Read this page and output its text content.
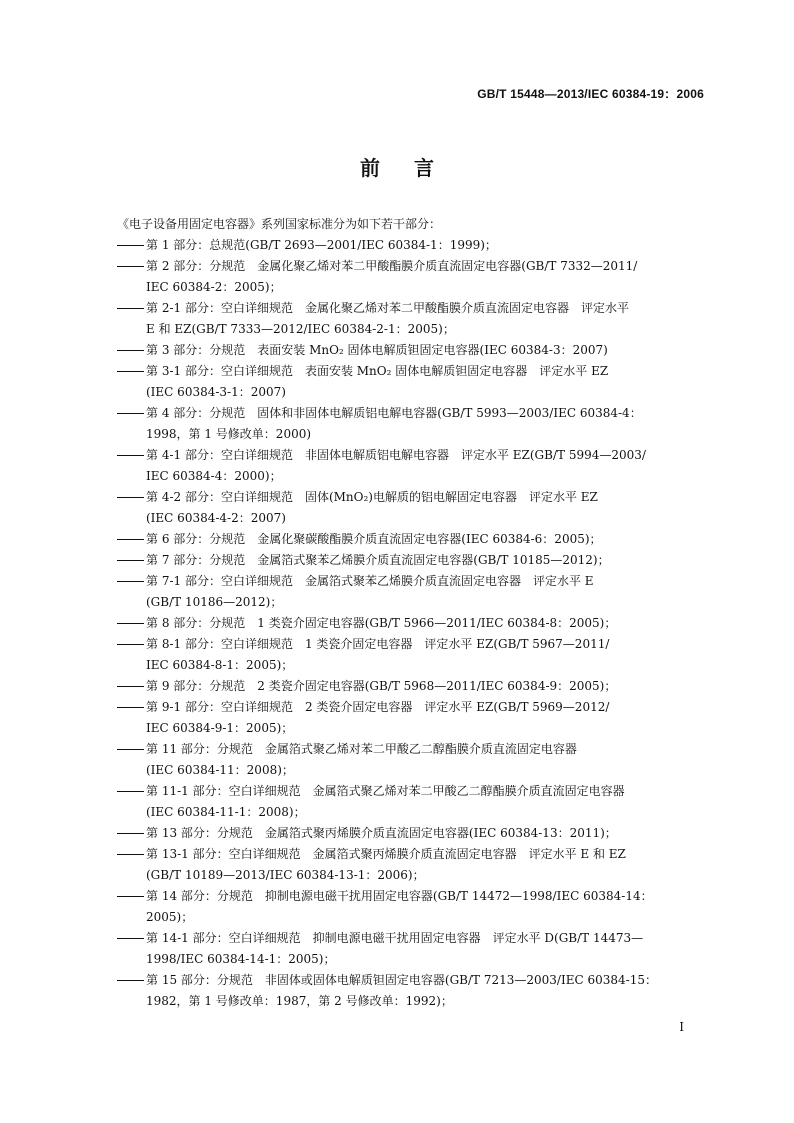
GB/T 15448—2013/IEC 60384-19：2006
前言
《电子设备用固定电容器》系列国家标准分为如下若干部分：
第 1 部分：总规范(GB/T 2693—2001/IEC 60384-1：1999)；
第 2 部分：分规范　金属化聚乙烯对苯二甲酸酯膜介质直流固定电容器(GB/T 7332—2011/
IEC 60384-2：2005)；
第 2-1 部分：空白详细规范　金属化聚乙烯对苯二甲酸酯膜介质直流固定电容器　评定水平
E 和 EZ(GB/T 7333—2012/IEC 60384-2-1：2005)；
第 3 部分：分规范　表面安装 MnO₂ 固体电解质钽固定电容器(IEC 60384-3：2007)
第 3-1 部分：空白详细规范　表面安装 MnO₂ 固体电解质钽固定电容器　评定水平 EZ
(IEC 60384-3-1：2007)
第 4 部分：分规范　固体和非固体电解质铝电解电容器(GB/T 5993—2003/IEC 60384-4：
1998，第 1 号修改单：2000)
第 4-1 部分：空白详细规范　非固体电解质铝电解电容器　评定水平 EZ(GB/T 5994—2003/
IEC 60384-4：2000)；
第 4-2 部分：空白详细规范　固体(MnO₂)电解质的铝电解固定电容器　评定水平 EZ
(IEC 60384-4-2：2007)
第 6 部分：分规范　金属化聚碳酸酯膜介质直流固定电容器(IEC 60384-6：2005)；
第 7 部分：分规范　金属箔式聚苯乙烯膜介质直流固定电容器(GB/T 10185—2012)；
第 7-1 部分：空白详细规范　金属箔式聚苯乙烯膜介质直流固定电容器　评定水平 E
(GB/T 10186—2012)；
第 8 部分：分规范　1 类瓷介固定电容器(GB/T 5966—2011/IEC 60384-8：2005)；
第 8-1 部分：空白详细规范　1 类瓷介固定电容器　评定水平 EZ(GB/T 5967—2011/
IEC 60384-8-1：2005)；
第 9 部分：分规范　2 类瓷介固定电容器(GB/T 5968—2011/IEC 60384-9：2005)；
第 9-1 部分：空白详细规范　2 类瓷介固定电容器　评定水平 EZ(GB/T 5969—2012/
IEC 60384-9-1：2005)；
第 11 部分：分规范　金属箔式聚乙烯对苯二甲酸乙二醇酯膜介质直流固定电容器
(IEC 60384-11：2008)；
第 11-1 部分：空白详细规范　金属箔式聚乙烯对苯二甲酸乙二醇酯膜介质直流固定电容器
(IEC 60384-11-1：2008)；
第 13 部分：分规范　金属箔式聚丙烯膜介质直流固定电容器(IEC 60384-13：2011)；
第 13-1 部分：空白详细规范　金属箔式聚丙烯膜介质直流固定电容器　评定水平 E 和 EZ
(GB/T 10189—2013/IEC 60384-13-1：2006)；
第 14 部分：分规范　抑制电源电磁干扰用固定电容器(GB/T 14472—1998/IEC 60384-14：
2005)；
第 14-1 部分：空白详细规范　抑制电源电磁干扰用固定电容器　评定水平 D(GB/T 14473—
1998/IEC 60384-14-1：2005)；
第 15 部分：分规范　非固体或固体电解质钽固定电容器(GB/T 7213—2003/IEC 60384-15：
1982，第 1 号修改单：1987，第 2 号修改单：1992)；
I
